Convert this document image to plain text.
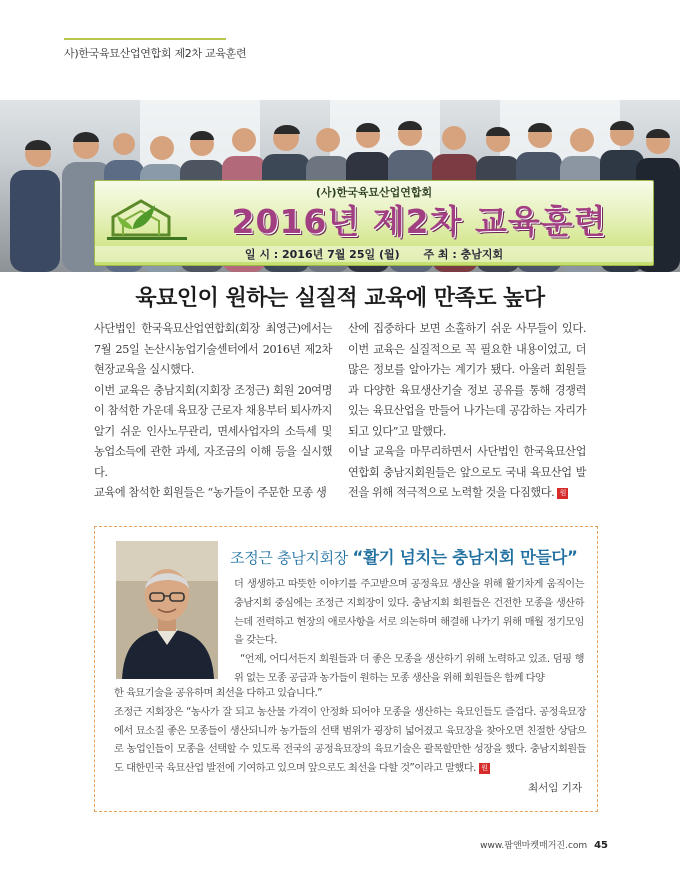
사)한국육묘산업연합회 제2차 교육훈련
(사)한국육묘산업연합회
2016년 제2차 교육훈련
일 시 : 2016년 7월 25일 (월) 주 최 : 충남지회
육묘인이 원하는 실질적 교육에 만족도 높다

사단법인 한국육묘산업연합회(회장 최영근)에서는 7월 25일 논산시농업기술센터에서 2016년 제2차 현장교육을 실시했다.

이번 교육은 충남지회(지회장 조정근) 회원 20여명이 참석한 가운데 육묘장 근로자 채용부터 퇴사까지 알기 쉬운 인사노무관리, 면세사업자의 소득세 및 농업소득에 관한 과세, 자조금의 이해 등을 실시했다.

교육에 참석한 회원들은 “농가들이 주문한 모종 생

산에 집중하다 보면 소홀하기 쉬운 사무들이 있다. 이번 교육은 실질적으로 꼭 필요한 내용이었고, 더 많은 정보를 알아가는 계기가 됐다. 아울러 회원들과 다양한 육묘생산기술 정보 공유를 통해 경쟁력 있는 육묘산업을 만들어 나가는데 공감하는 자리가 되고 있다”고 말했다.

이날 교육을 마무리하면서 사단법인 한국육묘산업연합회 충남지회원들은 앞으로도 국내 육묘산업 발전을 위해 적극적으로 노력할 것을 다짐했다. 원

조정근 충남지회장 “활기 넘치는 충남지회 만들다”

더 생생하고 따뜻한 이야기를 주고받으며 공정육묘 생산을 위해 활기차게 움직이는 충남지회 중심에는 조정근 지회장이 있다. 충남지회 회원들은 건전한 모종을 생산하는데 전력하고 현장의 애로사항을 서로 의논하며 해결해 나가기 위해 매월 정기모임을 갖는다.

“언제, 어디서든지 회원들과 더 좋은 모종을 생산하기 위해 노력하고 있죠. 덤핑 행위 없는 모종 공급과 농가들이 원하는 모종 생산을 위해 회원들은 함께 다양

한 육묘기술을 공유하며 최선을 다하고 있습니다.”

조정근 지회장은 “농사가 잘 되고 농산물 가격이 안정화 되어야 모종을 생산하는 육묘인들도 즐겁다. 공정육묘장에서 묘소질 좋은 모종들이 생산되니까 농가들의 선택 범위가 굉장히 넓어졌고 육묘장을 찾아오면 친절한 상담으로 농업인들이 모종을 선택할 수 있도록 전국의 공정육묘장의 육묘기술은 괄목할만한 성장을 했다. 충남지회원들도 대한민국 육묘산업 발전에 기여하고 있으며 앞으로도 최선을 다할 것”이라고 말했다. 원

최서임 기자
www.팜앤마켓매거진.com 45
